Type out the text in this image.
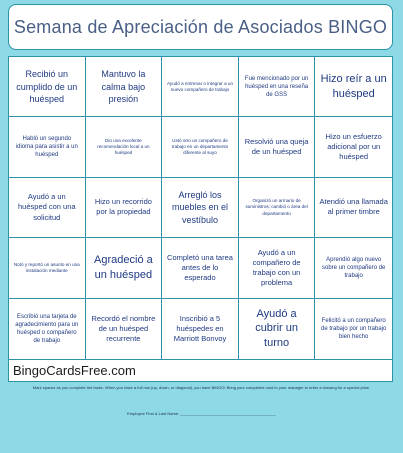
Semana de Apreciación de Asociados BINGO
Recibió un cumplido de un huésped
Mantuvo la calma bajo presión
Ayudó a entrenar o integrar a un nuevo compañero de trabajo
Fue mencionado por un huésped en una reseña de GSS
Hizo reír a un huésped
Habló un segundo idioma para asistir a un huésped
Dio una excelente recomendación local a un huésped
Ustó otro un compañero de trabajo en un departamento diferente al suyo
Resolvió una queja de un huésped
Hizo un esfuerzo adicional por un huésped
Ayudó a un huésped con una solicitud
Hizo un recorrido por la propiedad
Arregló los muebles en el vestíbulo
Organizó un armario de suministros; cambió o área del departamento
Atendió una llamada al primer timbre
Notó y reportó un asunto en una instalación mediante
Agradeció a un huésped
Completó una tarea antes de lo esperado
Ayudó a un compañero de trabajo con un problema
Aprendió algo nuevo sobre un compañero de trabajo
Escribió una tarjeta de agradecimiento para un huésped o compañero de trabajo
Recordó el nombre de un huésped recurrente
Inscribió a 5 huéspedes en Marriott Bonvoy
Ayudó a cubrir un turno
Felicitó a un compañero de trabajo por un trabajo bien hecho
BingoCardsFree.com
Mark spaces as you complete the tasks. When you have a full row (up, down, or diagonal), you have BINGO! Bring your completed card to your manager to enter a drawing for a special prize.
Employee First & Last Name: ___________________________________________
